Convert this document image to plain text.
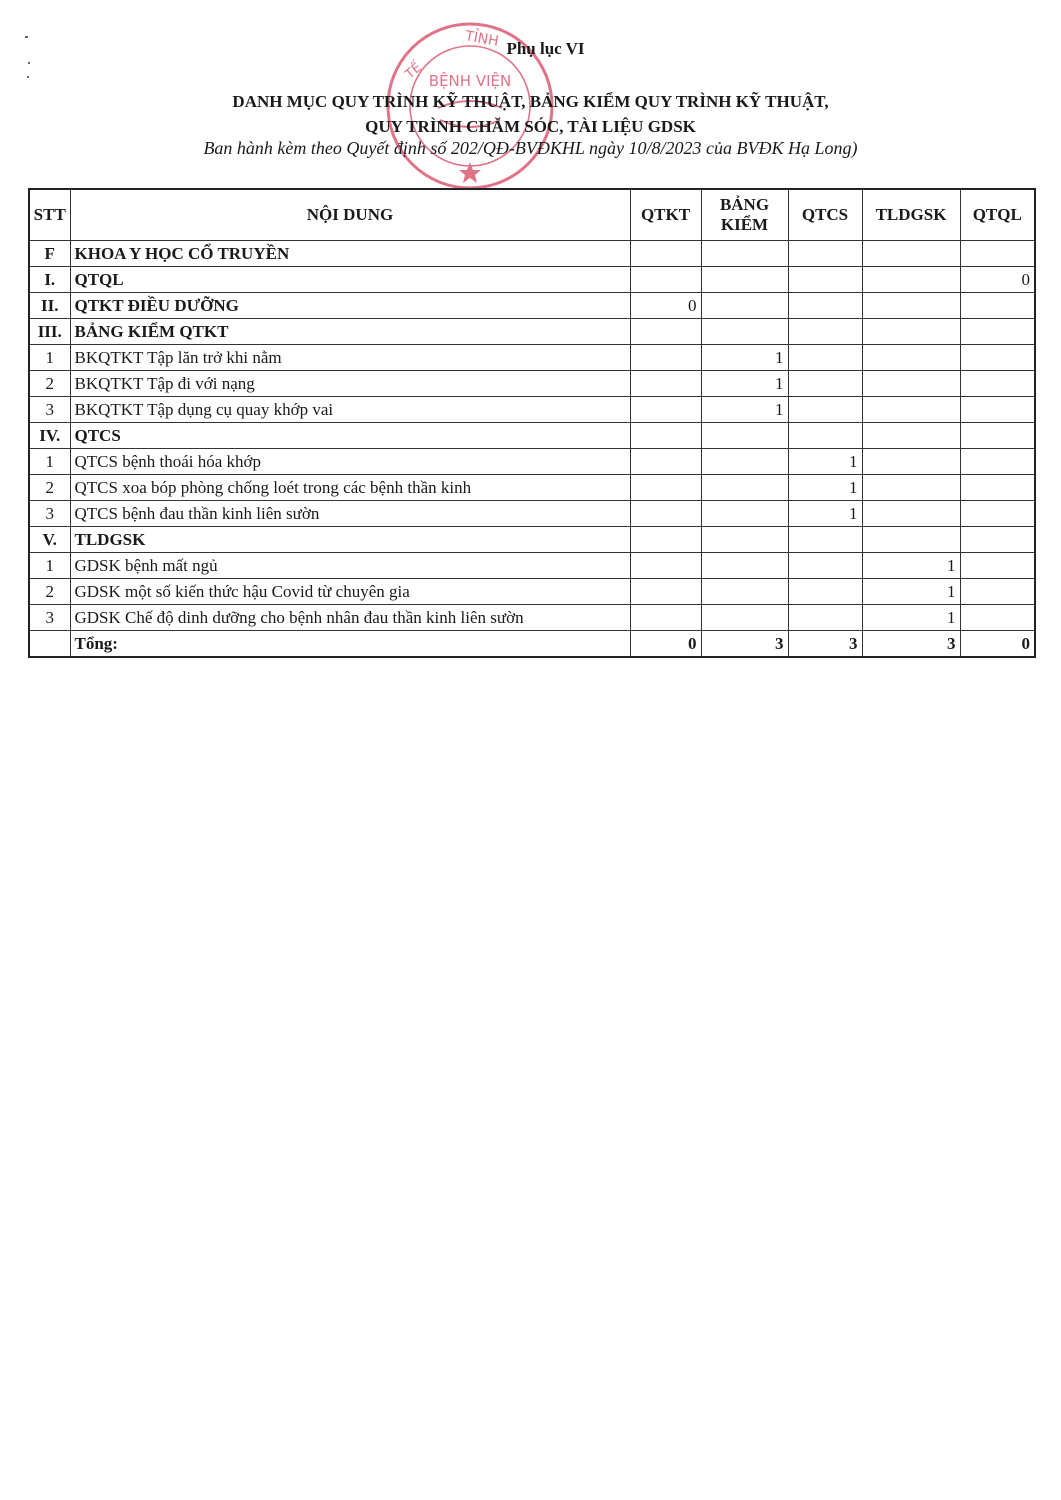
TỈNH
TẾ BỆNH VIỆN
Phụ lục VI
DANH MỤC QUY TRÌNH KỸ THUẬT, BẢNG KIỂM QUY TRÌNH KỸ THUẬT,
QUY TRÌNH CHĂM SÓC, TÀI LIỆU GDSK
Ban hành kèm theo Quyết định số 202/QĐ-BVĐKHL ngày 10/8/2023 của BVĐK Hạ Long)
STT	NỘI DUNG	QTKT	BẢNG KIỂM	QTCS	TLDGSK	QTQL
F	KHOA Y HỌC CỔ TRUYỀN					
I.	QTQL					0
II.	QTKT ĐIỀU DƯỠNG	0				
III.	BẢNG KIỂM QTKT					
1	BKQTKT Tập lăn trở khi nằm		1			
2	BKQTKT Tập đi với nạng		1			
3	BKQTKT Tập dụng cụ quay khớp vai		1			
IV.	QTCS					
1	QTCS bệnh thoái hóa khớp			1		
2	QTCS xoa bóp phòng chống loét trong các bệnh thần kinh			1		
3	QTCS bệnh đau thần kinh liên sườn			1		
V.	TLDGSK					
1	GDSK bệnh mất ngủ				1	
2	GDSK một số kiến thức hậu Covid từ chuyên gia				1	
3	GDSK Chế độ dinh dưỡng cho bệnh nhân đau thần kinh liên sườn				1	
	Tổng:	0	3	3	3	0
